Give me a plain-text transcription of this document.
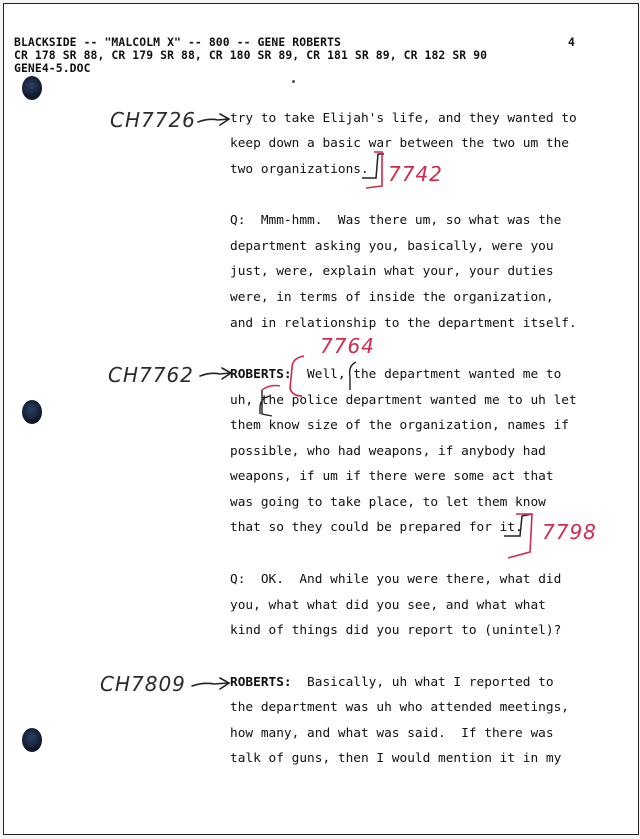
BLACKSIDE -- "MALCOLM X" -- 800 -- GENE ROBERTS	4
CR 178 SR 88, CR 179 SR 88, CR 180 SR 89, CR 181 SR 89, CR 182 SR 90
GENE4-5.DOC
CH7726
CH7762
CH7809
7742
7764
7798
try to take Elijah's life, and they wanted to
keep down a basic war between the two um the
two organizations.
Q:  Mmm-hmm.  Was there um, so what was the
department asking you, basically, were you
just, were, explain what your, your duties
were, in terms of inside the organization,
and in relationship to the department itself.
ROBERTS:  Well, the department wanted me to
uh, the police department wanted me to uh let
them know size of the organization, names if
possible, who had weapons, if anybody had
weapons, if um if there were some act that
was going to take place, to let them know
that so they could be prepared for it.
Q:  OK.  And while you were there, what did
you, what what did you see, and what what
kind of things did you report to (unintel)?
ROBERTS:  Basically, uh what I reported to
the department was uh who attended meetings,
how many, and what was said.  If there was
talk of guns, then I would mention it in my
